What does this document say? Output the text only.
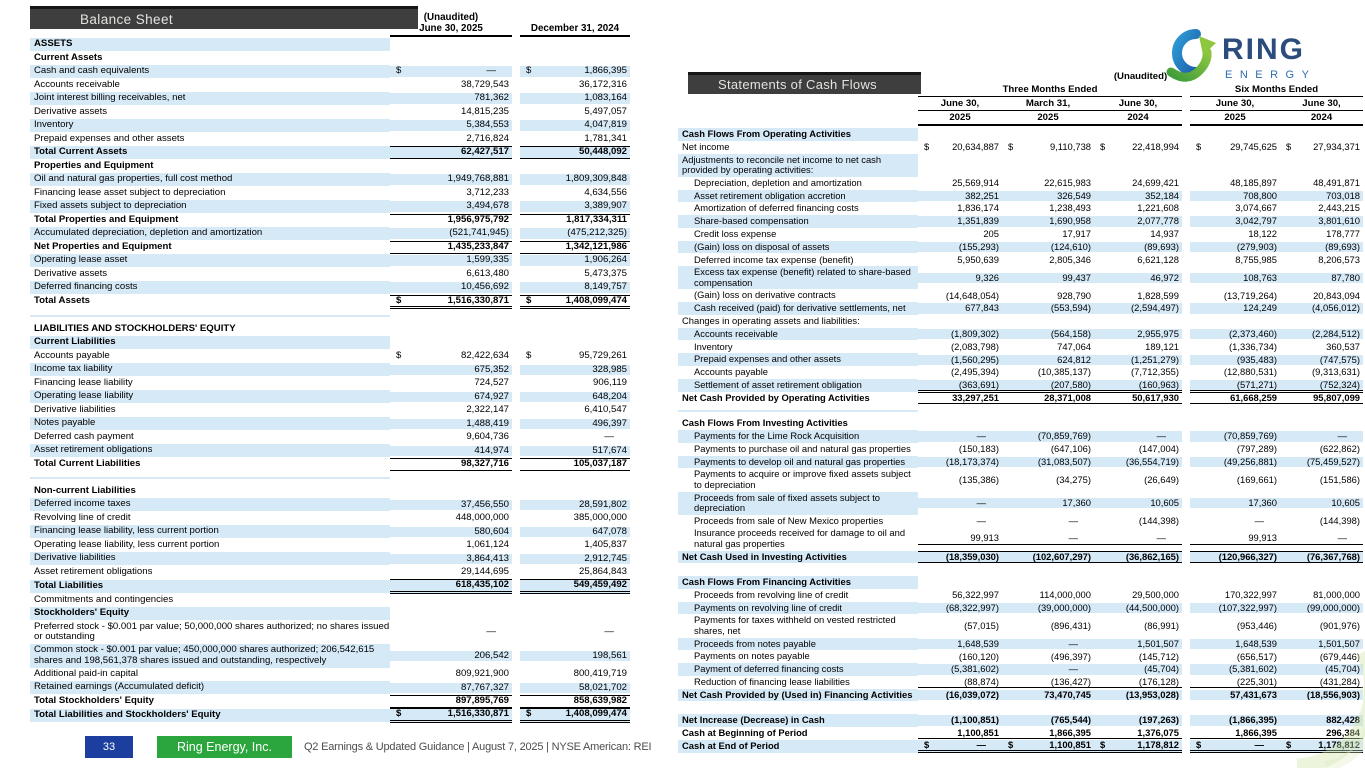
Balance Sheet	(Unaudited)
June 30, 2025	December 31, 2024
ASSETS
Current Assets
Cash and cash equivalents	$	—	$	1,866,395
Accounts receivable	38,729,543	36,172,316
Joint interest billing receivables, net	781,362	1,083,164
Derivative assets	14,815,235	5,497,057
Inventory	5,384,553	4,047,819
Prepaid expenses and other assets	2,716,824	1,781,341
Total Current Assets	62,427,517	50,448,092
Properties and Equipment
Oil and natural gas properties, full cost method	1,949,768,881	1,809,309,848
Financing lease asset subject to depreciation	3,712,233	4,634,556
Fixed assets subject to depreciation	3,494,678	3,389,907
Total Properties and Equipment	1,956,975,792	1,817,334,311
Accumulated depreciation, depletion and amortization	(521,741,945)	(475,212,325)
Net Properties and Equipment	1,435,233,847	1,342,121,986
Operating lease asset	1,599,335	1,906,264
Derivative assets	6,613,480	5,473,375
Deferred financing costs	10,456,692	8,149,757
Total Assets	$	1,516,330,871 $	1,408,099,474
LIABILITIES AND STOCKHOLDERS' EQUITY
Current Liabilities
Accounts payable	$	82,422,634 $	95,729,261
Income tax liability	675,352	328,985
Financing lease liability	724,527	906,119
Operating lease liability	674,927	648,204
Derivative liabilities	2,322,147	6,410,547
Notes payable	1,488,419	496,397
Deferred cash payment	9,604,736	—
Asset retirement obligations	414,974	517,674
Total Current Liabilities	98,327,716	105,037,187
Non-current Liabilities
Deferred income taxes	37,456,550	28,591,802
Revolving line of credit	448,000,000	385,000,000
Financing lease liability, less current portion	580,604	647,078
Operating lease liability, less current portion	1,061,124	1,405,837
Derivative liabilities	3,864,413	2,912,745
Asset retirement obligations	29,144,695	25,864,843
Total Liabilities	618,435,102	549,459,492
Commitments and contingencies
Stockholders' Equity
Preferred stock - $0.001 par value; 50,000,000 shares authorized; no shares issued or outstanding	—	—
Common stock - $0.001 par value; 450,000,000 shares authorized; 206,542,615 shares and 198,561,378 shares issued and outstanding, respectively	206,542	198,561
Additional paid-in capital	809,921,900	800,419,719
Retained earnings (Accumulated deficit)	87,767,327	58,021,702
Total Stockholders' Equity	897,895,769	858,639,982
Total Liabilities and Stockholders' Equity	$	1,516,330,871 $	1,408,099,474
RING
ENERGY
Statements of Cash Flows
(Unaudited)
Three Months Ended	Six Months Ended
June 30,	March 31,	June 30,	June 30,	June 30,
2025	2025	2024	2025	2024
Cash Flows From Operating Activities
Net income	$ 20,634,887 $	9,110,738 $	22,418,994 $	29,745,625 $ 27,934,371
Adjustments to reconcile net income to net cash provided by operating activities:
Depreciation, depletion and amortization	25,569,914	22,615,983	24,699,421	48,185,897	48,491,871
Asset retirement obligation accretion	382,251	326,549	352,184	708,800	703,018
Amortization of deferred financing costs	1,836,174	1,238,493	1,221,608	3,074,667	2,443,215
Share-based compensation	1,351,839	1,690,958	2,077,778	3,042,797	3,801,610
Credit loss expense	205	17,917	14,937	18,122	178,777
(Gain) loss on disposal of assets	(155,293)	(124,610)	(89,693)	(279,903)	(89,693)
Deferred income tax expense (benefit)	5,950,639	2,805,346	6,621,128	8,755,985	8,206,573
Excess tax expense (benefit) related to share-based compensation	9,326	99,437	46,972	108,763	87,780
(Gain) loss on derivative contracts	(14,648,054)	928,790	1,828,599	(13,719,264)	20,843,094
Cash received (paid) for derivative settlements, net	677,843	(553,594)	(2,594,497)	124,249	(4,056,012)
Changes in operating assets and liabilities:
Accounts receivable	(1,809,302)	(564,158)	2,955,975	(2,373,460)	(2,284,512)
Inventory	(2,083,798)	747,064	189,121	(1,336,734)	360,537
Prepaid expenses and other assets	(1,560,295)	624,812	(1,251,279)	(935,483)	(747,575)
Accounts payable	(2,495,394)	(10,385,137)	(7,712,355)	(12,880,531)	(9,313,631)
Settlement of asset retirement obligation	(363,691)	(207,580)	(160,963)	(571,271)	(752,324)
Net Cash Provided by Operating Activities	33,297,251	28,371,008	50,617,930	61,668,259	95,807,099
Cash Flows From Investing Activities
Payments for the Lime Rock Acquisition	—	(70,859,769)	—	(70,859,769)	—
Payments to purchase oil and natural gas properties	(150,183)	(647,106)	(147,004)	(797,289)	(622,862)
Payments to develop oil and natural gas properties	(18,173,374)	(31,083,507)	(36,554,719)	(49,256,881)	(75,459,527)
Payments to acquire or improve fixed assets subject to depreciation	(135,386)	(34,275)	(26,649)	(169,661)	(151,586)
Proceeds from sale of fixed assets subject to depreciation	—	17,360	10,605	17,360	10,605
Proceeds from sale of New Mexico properties	—	—	(144,398)	—	(144,398)
Insurance proceeds received for damage to oil and natural gas properties
99,913	—	—	99,913	—
Net Cash Used in Investing Activities	(18,359,030)	(102,607,297)	(36,862,165)	(120,966,327)	(76,367,768)
Cash Flows From Financing Activities
Proceeds from revolving line of credit	56,322,997	114,000,000	29,500,000	170,322,997	81,000,000
Payments on revolving line of credit	(68,322,997)	(39,000,000)	(44,500,000)	(107,322,997)	(99,000,000)
Payments for taxes withheld on vested restricted shares, net	(57,015)	(896,431)	(86,991)	(953,446)	(901,976)
Proceeds from notes payable	1,648,539	—	1,501,507	1,648,539	1,501,507
Payments on notes payable	(160,120)	(496,397)	(145,712)	(656,517)	(679,446)
Payment of deferred financing costs	(5,381,602)	—	(45,704)	(5,381,602)	(45,704)
Reduction of financing lease liabilities	(88,874)	(136,427)	(176,128)	(225,301)	(431,284)
Net Cash Provided by (Used in) Financing Activities	(16,039,072)	73,470,745	(13,953,028)	57,431,673	(18,556,903)
Net Increase (Decrease) in Cash	(1,100,851)	(765,544)	(197,263)	(1,866,395)	882,428
Cash at Beginning of Period	1,100,851	1,866,395	1,376,075	1,866,395	296,384
Cash at End of Period	$	— $	1,100,851 $	1,178,812 $	— $	1,178,812
33	Ring Energy, Inc.	Q2 Earnings & Updated Guidance | August 7, 2025 | NYSE American: REI
